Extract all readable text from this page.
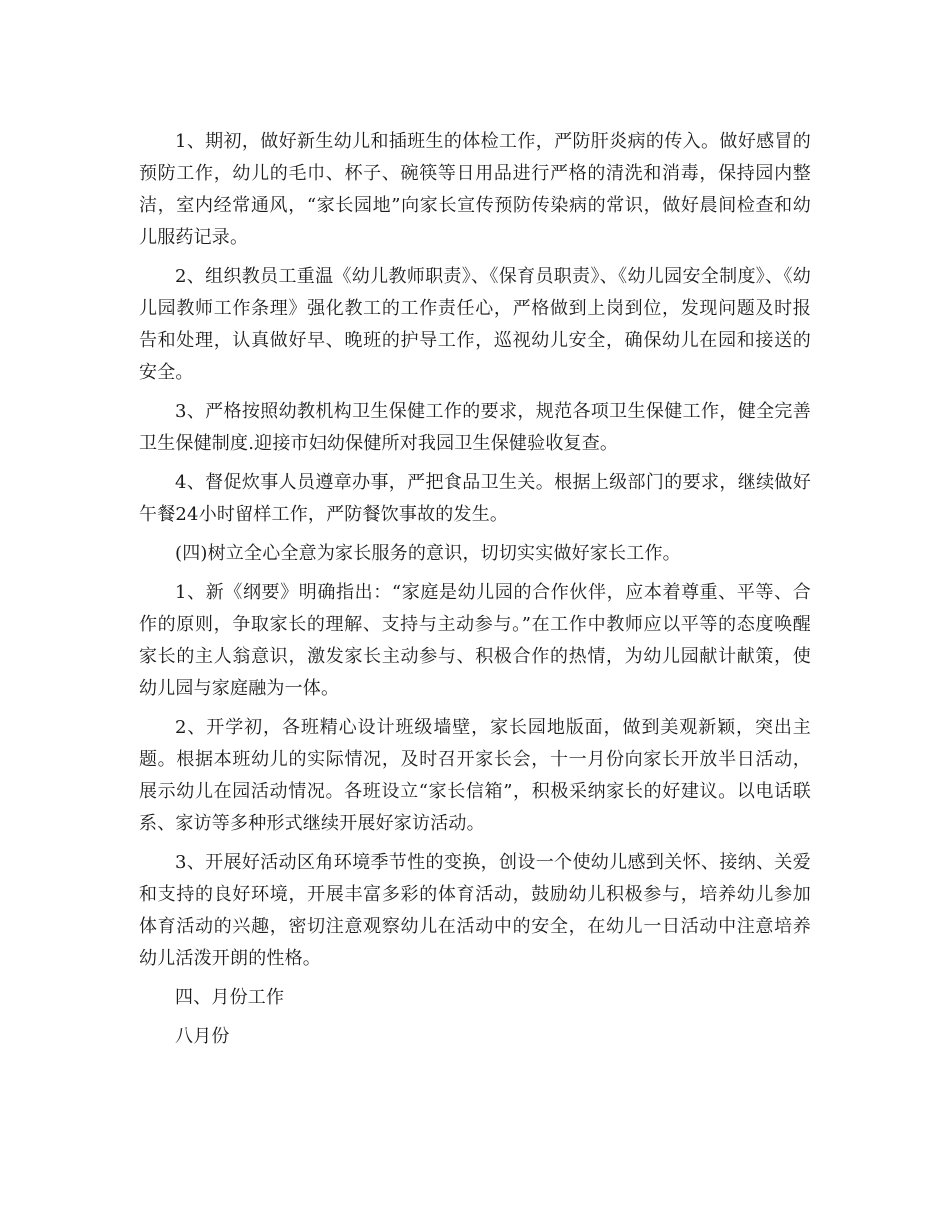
1、期初，做好新生幼儿和插班生的体检工作，严防肝炎病的传入。做好感冒的预防工作，幼儿的毛巾、杯子、碗筷等日用品进行严格的清洗和消毒，保持园内整洁，室内经常通风，“家长园地”向家长宣传预防传染病的常识，做好晨间检查和幼儿服药记录。

2、组织教员工重温《幼儿教师职责》、《保育员职责》、《幼儿园安全制度》、《幼儿园教师工作条理》强化教工的工作责任心，严格做到上岗到位，发现问题及时报告和处理，认真做好早、晚班的护导工作，巡视幼儿安全，确保幼儿在园和接送的安全。

3、严格按照幼教机构卫生保健工作的要求，规范各项卫生保健工作，健全完善卫生保健制度.迎接市妇幼保健所对我园卫生保健验收复查。

4、督促炊事人员遵章办事，严把食品卫生关。根据上级部门的要求，继续做好午餐24小时留样工作，严防餐饮事故的发生。

(四)树立全心全意为家长服务的意识，切切实实做好家长工作。

1、新《纲要》明确指出：“家庭是幼儿园的合作伙伴，应本着尊重、平等、合作的原则，争取家长的理解、支持与主动参与。”在工作中教师应以平等的态度唤醒家长的主人翁意识，激发家长主动参与、积极合作的热情，为幼儿园献计献策，使幼儿园与家庭融为一体。

2、开学初，各班精心设计班级墙壁，家长园地版面，做到美观新颖，突出主题。根据本班幼儿的实际情况，及时召开家长会，十一月份向家长开放半日活动，展示幼儿在园活动情况。各班设立“家长信箱”，积极采纳家长的好建议。以电话联系、家访等多种形式继续开展好家访活动。

3、开展好活动区角环境季节性的变换，创设一个使幼儿感到关怀、接纳、关爱和支持的良好环境，开展丰富多彩的体育活动，鼓励幼儿积极参与，培养幼儿参加体育活动的兴趣，密切注意观察幼儿在活动中的安全，在幼儿一日活动中注意培养幼儿活泼开朗的性格。

四、月份工作

八月份
